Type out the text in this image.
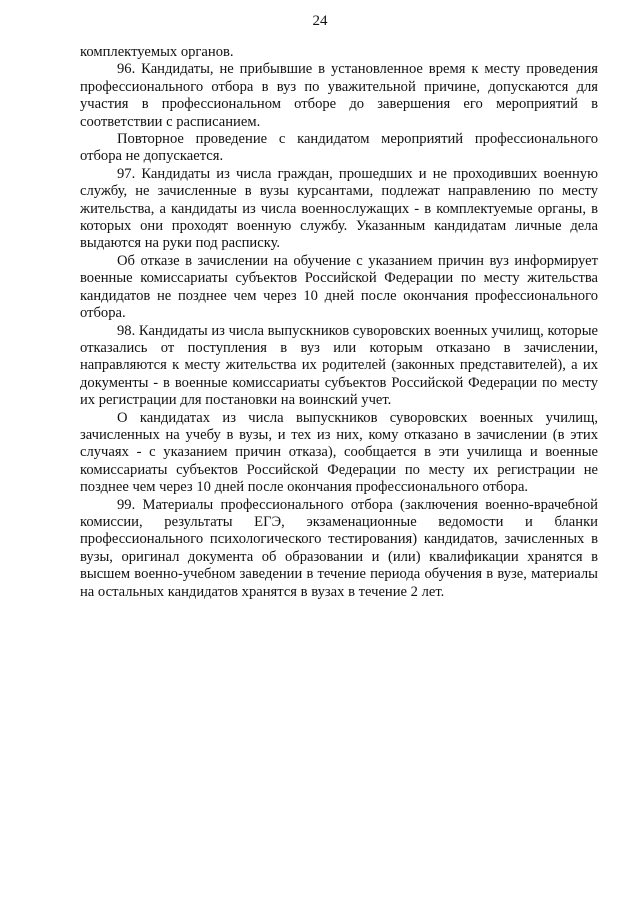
24

комплектуемых органов.

96. Кандидаты, не прибывшие в установленное время к месту проведения профессионального отбора в вуз по уважительной причине, допускаются для участия в профессиональном отборе до завершения его мероприятий в соответствии с расписанием.

Повторное проведение с кандидатом мероприятий профессионального отбора не допускается.

97. Кандидаты из числа граждан, прошедших и не проходивших военную службу, не зачисленные в вузы курсантами, подлежат направлению по месту жительства, а кандидаты из числа военнослужащих - в комплектуемые органы, в которых они проходят военную службу. Указанным кандидатам личные дела выдаются на руки под расписку.

Об отказе в зачислении на обучение с указанием причин вуз информирует военные комиссариаты субъектов Российской Федерации по месту жительства кандидатов не позднее чем через 10 дней после окончания профессионального отбора.

98. Кандидаты из числа выпускников суворовских военных училищ, которые отказались от поступления в вуз или которым отказано в зачислении, направляются к месту жительства их родителей (законных представителей), а их документы - в военные комиссариаты субъектов Российской Федерации по месту их регистрации для постановки на воинский учет.

О кандидатах из числа выпускников суворовских военных училищ, зачисленных на учебу в вузы, и тех из них, кому отказано в зачислении (в этих случаях - с указанием причин отказа), сообщается в эти училища и военные комиссариаты субъектов Российской Федерации по месту их регистрации не позднее чем через 10 дней после окончания профессионального отбора.

99. Материалы профессионального отбора (заключения военно-врачебной комиссии, результаты ЕГЭ, экзаменационные ведомости и бланки профессионального психологического тестирования) кандидатов, зачисленных в вузы, оригинал документа об образовании и (или) квалификации хранятся в высшем военно-учебном заведении в течение периода обучения в вузе, материалы на остальных кандидатов хранятся в вузах в течение 2 лет.
